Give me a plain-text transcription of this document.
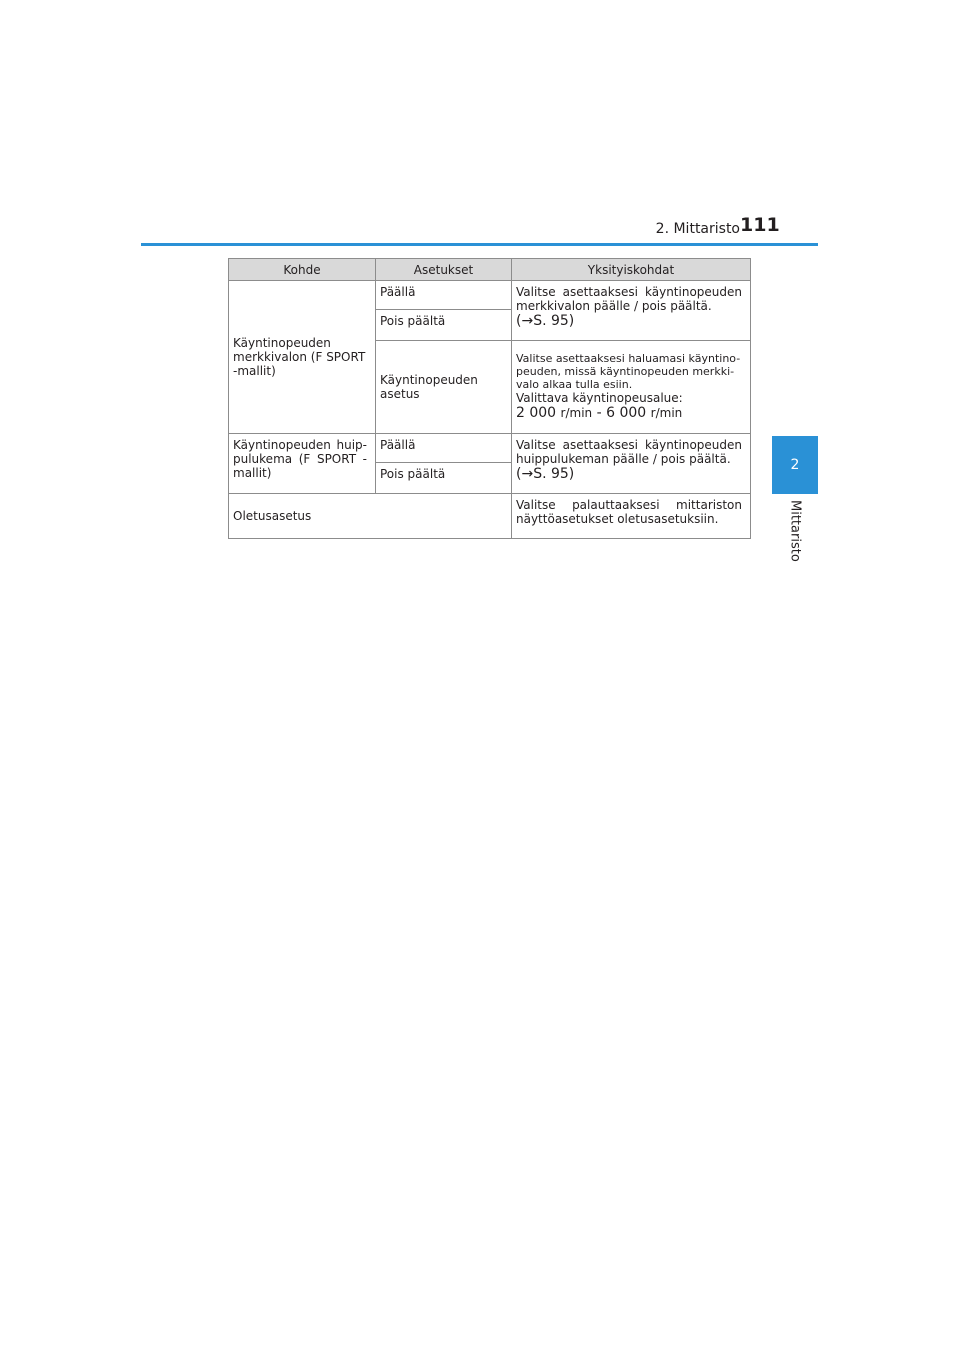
2. Mittaristo 111
2
Mittaristo
Kohde	Asetukset	Yksityiskohdat
Käyntinopeuden merkkivalon (F SPORT -mallit)	Päällä	Valitse asettaaksesi käyntinopeuden merkkivalon päälle / pois päältä.
(→S. 95)

	Pois päältä	
	Käyntinopeuden asetus	Valitse asettaaksesi haluamasi käyntino-peuden, missä käyntinopeuden merkki-valo alkaa tulla esiin.
Valittava käyntinopeusalue:
2 000 r/min - 6 000 r/min

Käyntinopeuden huip-pulukema (F SPORT -mallit)	Päällä	Valitse asettaaksesi käyntinopeuden huippulukeman päälle / pois päältä.
(→S. 95)

	Pois päältä	
Oletusasetus		Valitse palauttaaksesi mittariston näyttöasetukset oletusasetuksiin.
